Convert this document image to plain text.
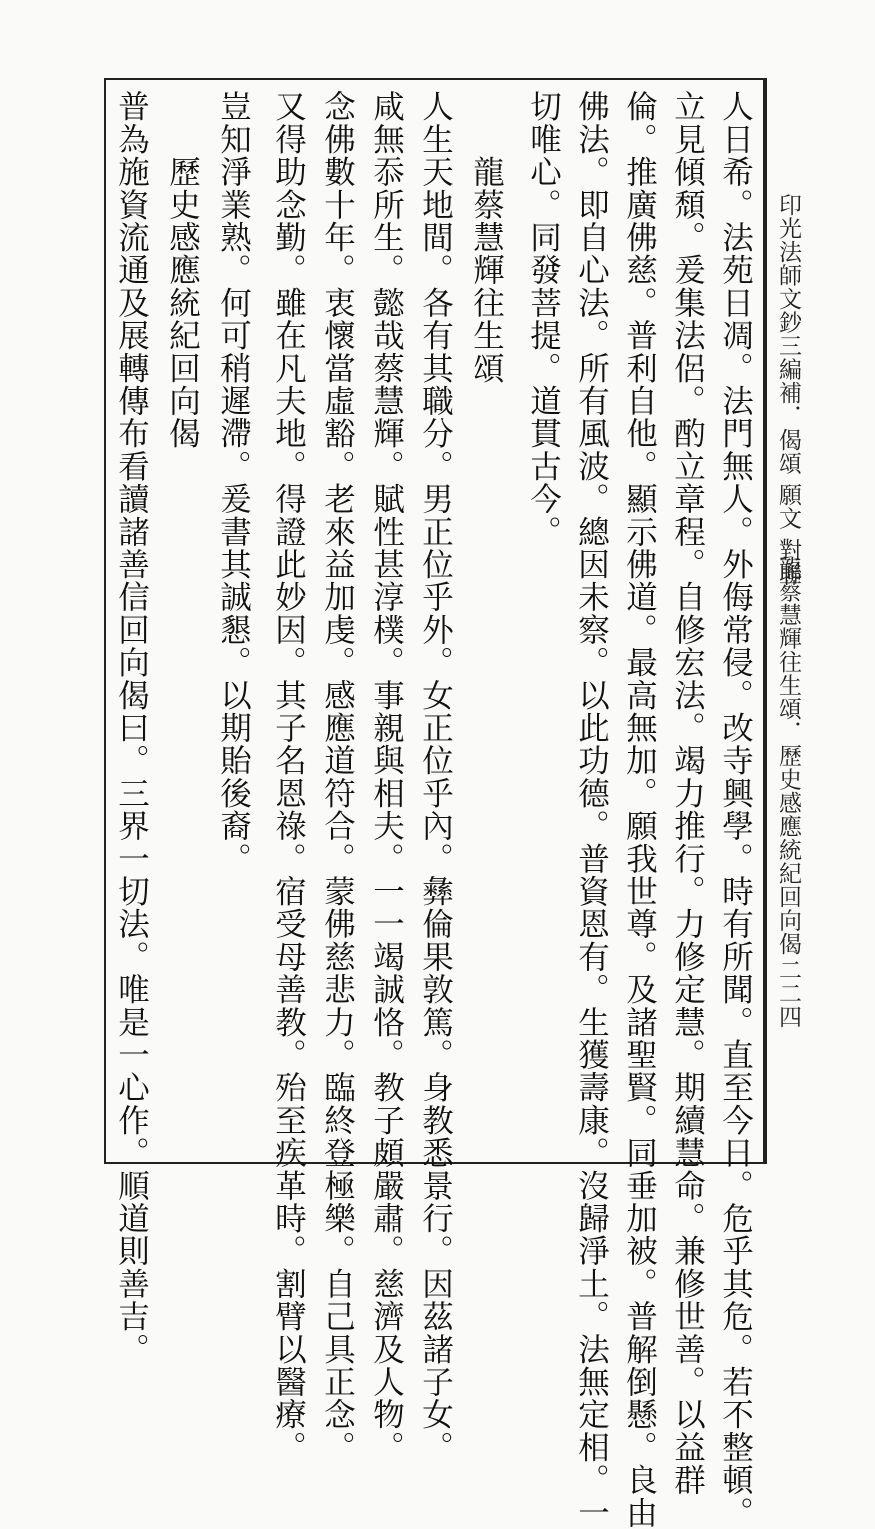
印光法師文鈔三編補．偈頌 願文 對聯

龍蔡慧輝往生頌．歷史感應統紀回向偈

二二四

人日希。法苑日凋。法門無人。外侮常侵。改寺興學。時有所聞。直至今日。危乎其危。若不整頓。

立見傾頹。爰集法侶。酌立章程。自修宏法。竭力推行。力修定慧。期續慧命。兼修世善。以益群

倫。推廣佛慈。普利自他。顯示佛道。最高無加。願我世尊。及諸聖賢。同垂加被。普解倒懸。良由

佛法。即自心法。所有風波。總因未察。以此功德。普資恩有。生獲壽康。沒歸淨土。法無定相。一

切唯心。同發菩提。道貫古今。

　　龍蔡慧輝往生頌

人生天地間。各有其職分。男正位乎外。女正位乎內。彝倫果敦篤。身教悉景行。因茲諸子女。

咸無忝所生。懿哉蔡慧輝。賦性甚淳樸。事親與相夫。一一竭誠恪。教子頗嚴肅。慈濟及人物。

念佛數十年。衷懷當虛豁。老來益加虔。感應道符合。蒙佛慈悲力。臨終登極樂。自己具正念。

又得助念勤。雖在凡夫地。得證此妙因。其子名恩祿。宿受母善教。殆至疾革時。割臂以醫療。

豈知淨業熟。何可稍遲滯。爰書其誠懇。以期貽後裔。

　　歷史感應統紀回向偈

普為施資流通及展轉傳布看讀諸善信回向偈曰。三界一切法。唯是一心作。順道則善吉。
